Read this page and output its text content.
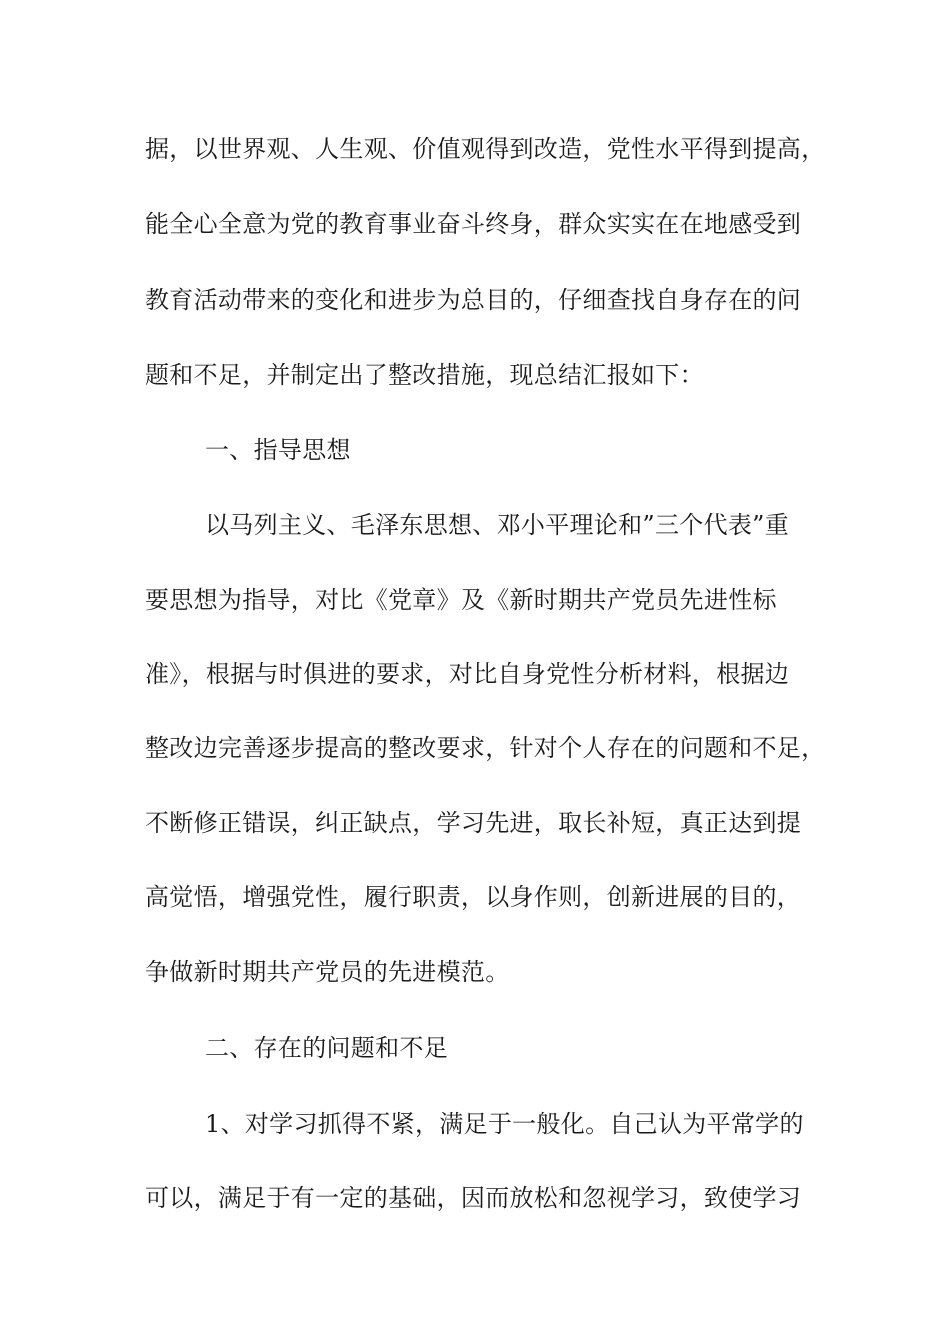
据，以世界观、人生观、价值观得到改造，党性水平得到提高，
能全心全意为党的教育事业奋斗终身，群众实实在在地感受到
教育活动带来的变化和进步为总目的，仔细查找自身存在的问
题和不足，并制定出了整改措施，现总结汇报如下：
一、指导思想
以马列主义、毛泽东思想、邓小平理论和”三个代表”重
要思想为指导，对比《党章》及《新时期共产党员先进性标
准》，根据与时俱进的要求，对比自身党性分析材料，根据边
整改边完善逐步提高的整改要求，针对个人存在的问题和不足，
不断修正错误，纠正缺点，学习先进，取长补短，真正达到提
高觉悟，增强党性，履行职责，以身作则，创新进展的目的，
争做新时期共产党员的先进模范。
二、存在的问题和不足
1、对学习抓得不紧，满足于一般化。自己认为平常学的
可以，满足于有一定的基础，因而放松和忽视学习，致使学习
